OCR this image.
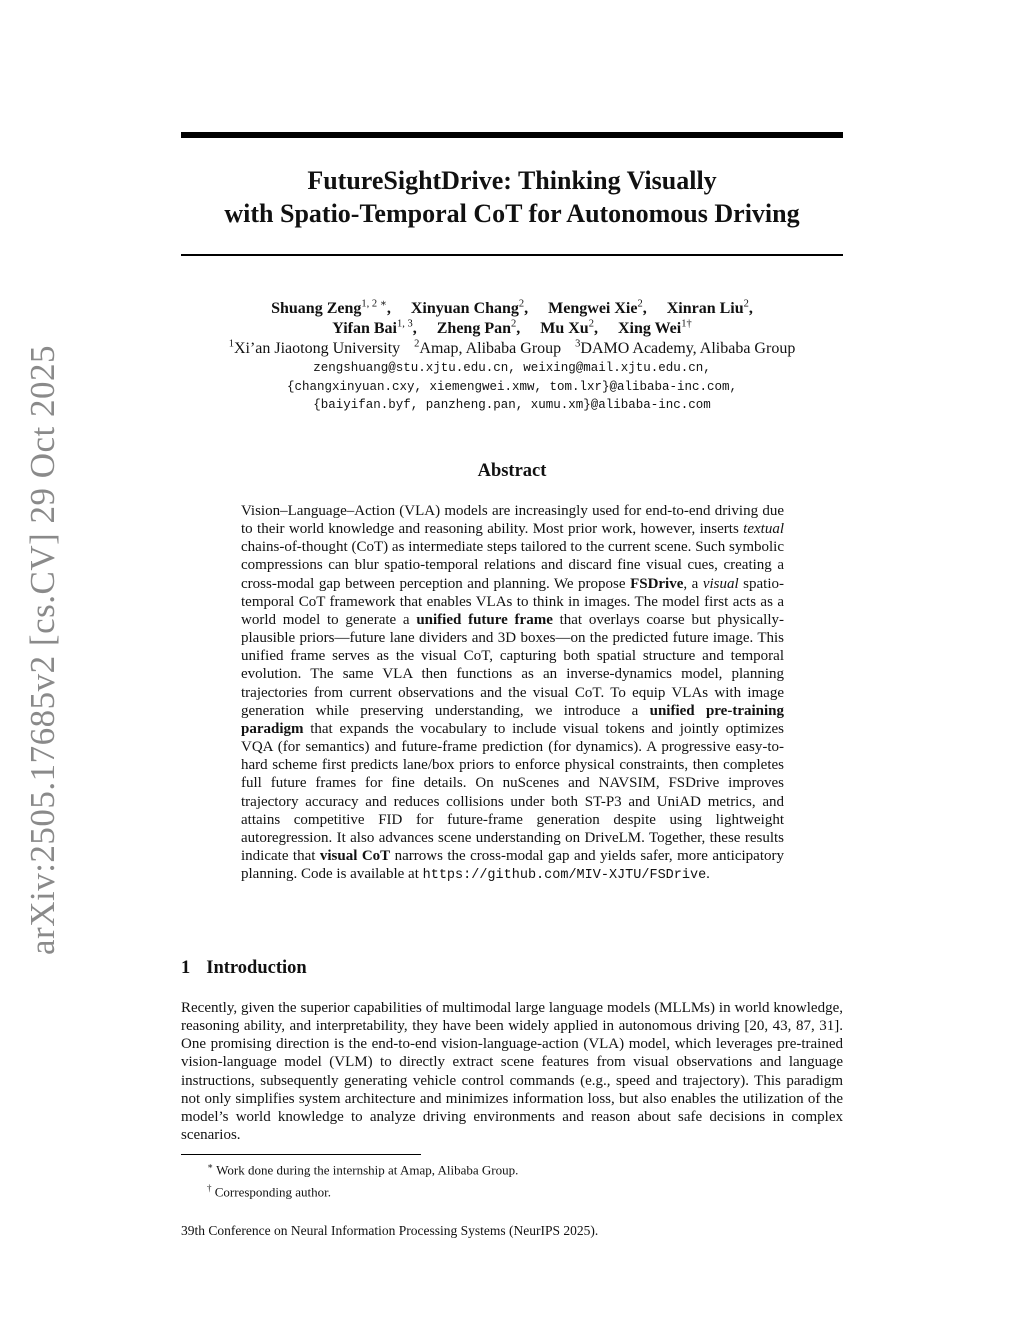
arXiv:2505.17685v2 [cs.CV] 29 Oct 2025
FutureSightDrive: Thinking Visually
with Spatio-Temporal CoT for Autonomous Driving
Shuang Zeng$^{1, 2 ∗}$, Xinyuan Chang$^2$, Mengwei Xie$^2$, Xinran Liu$^2$,
Yifan Bai$^{1, 3}$, Zheng Pan$^2$, Mu Xu$^2$, Xing Wei$^{1\dagger}$
$^1$Xi’an Jiaotong University $^2$Amap, Alibaba Group $^3$DAMO Academy, Alibaba Group
zengshuang@stu.xjtu.edu.cn, weixing@mail.xjtu.edu.cn,
{changxinyuan.cxy, xiemengwei.xmw, tom.lxr}@alibaba-inc.com,
{baiyifan.byf, panzheng.pan, xumu.xm}@alibaba-inc.com
Abstract

Vision–Language–Action (VLA) models are increasingly used for end-to-end driving due to their world knowledge and reasoning ability. Most prior work, however, inserts textual chains-of-thought (CoT) as intermediate steps tailored to the current scene. Such symbolic compressions can blur spatio-temporal relations and discard fine visual cues, creating a cross-modal gap between perception and planning. We propose FSDrive, a visual spatio-temporal CoT framework that enables VLAs to think in images. The model first acts as a world model to generate a unified future frame that overlays coarse but physically-plausible priors—future lane dividers and 3D boxes—on the predicted future image. This unified frame serves as the visual CoT, capturing both spatial structure and temporal evolution. The same VLA then functions as an inverse-dynamics model, planning trajectories from current observations and the visual CoT. To equip VLAs with image generation while preserving understanding, we introduce a unified pre-training paradigm that expands the vocabulary to include visual tokens and jointly optimizes VQA (for semantics) and future-frame prediction (for dynamics). A progressive easy-to-hard scheme first predicts lane/box priors to enforce physical constraints, then completes full future frames for fine details. On nuScenes and NAVSIM, FSDrive improves trajectory accuracy and reduces collisions under both ST-P3 and UniAD metrics, and attains competitive FID for future-frame generation despite using lightweight autoregression. It also advances scene understanding on DriveLM. Together, these results indicate that visual CoT narrows the cross-modal gap and yields safer, more anticipatory planning. Code is available at https://github.com/MIV-XJTU/FSDrive.

1 Introduction

Recently, given the superior capabilities of multimodal large language models (MLLMs) in world knowledge, reasoning ability, and interpretability, they have been widely applied in autonomous driving [20, 43, 87, 31]. One promising direction is the end-to-end vision-language-action (VLA) model, which leverages pre-trained vision-language model (VLM) to directly extract scene features from visual observations and language instructions, subsequently generating vehicle control commands (e.g., speed and trajectory). This paradigm not only simplifies system architecture and minimizes information loss, but also enables the utilization of the model’s world knowledge to analyze driving environments and reason about safe decisions in complex scenarios.

∗ Work done during the internship at Amap, Alibaba Group.
† Corresponding author.
39th Conference on Neural Information Processing Systems (NeurIPS 2025).
